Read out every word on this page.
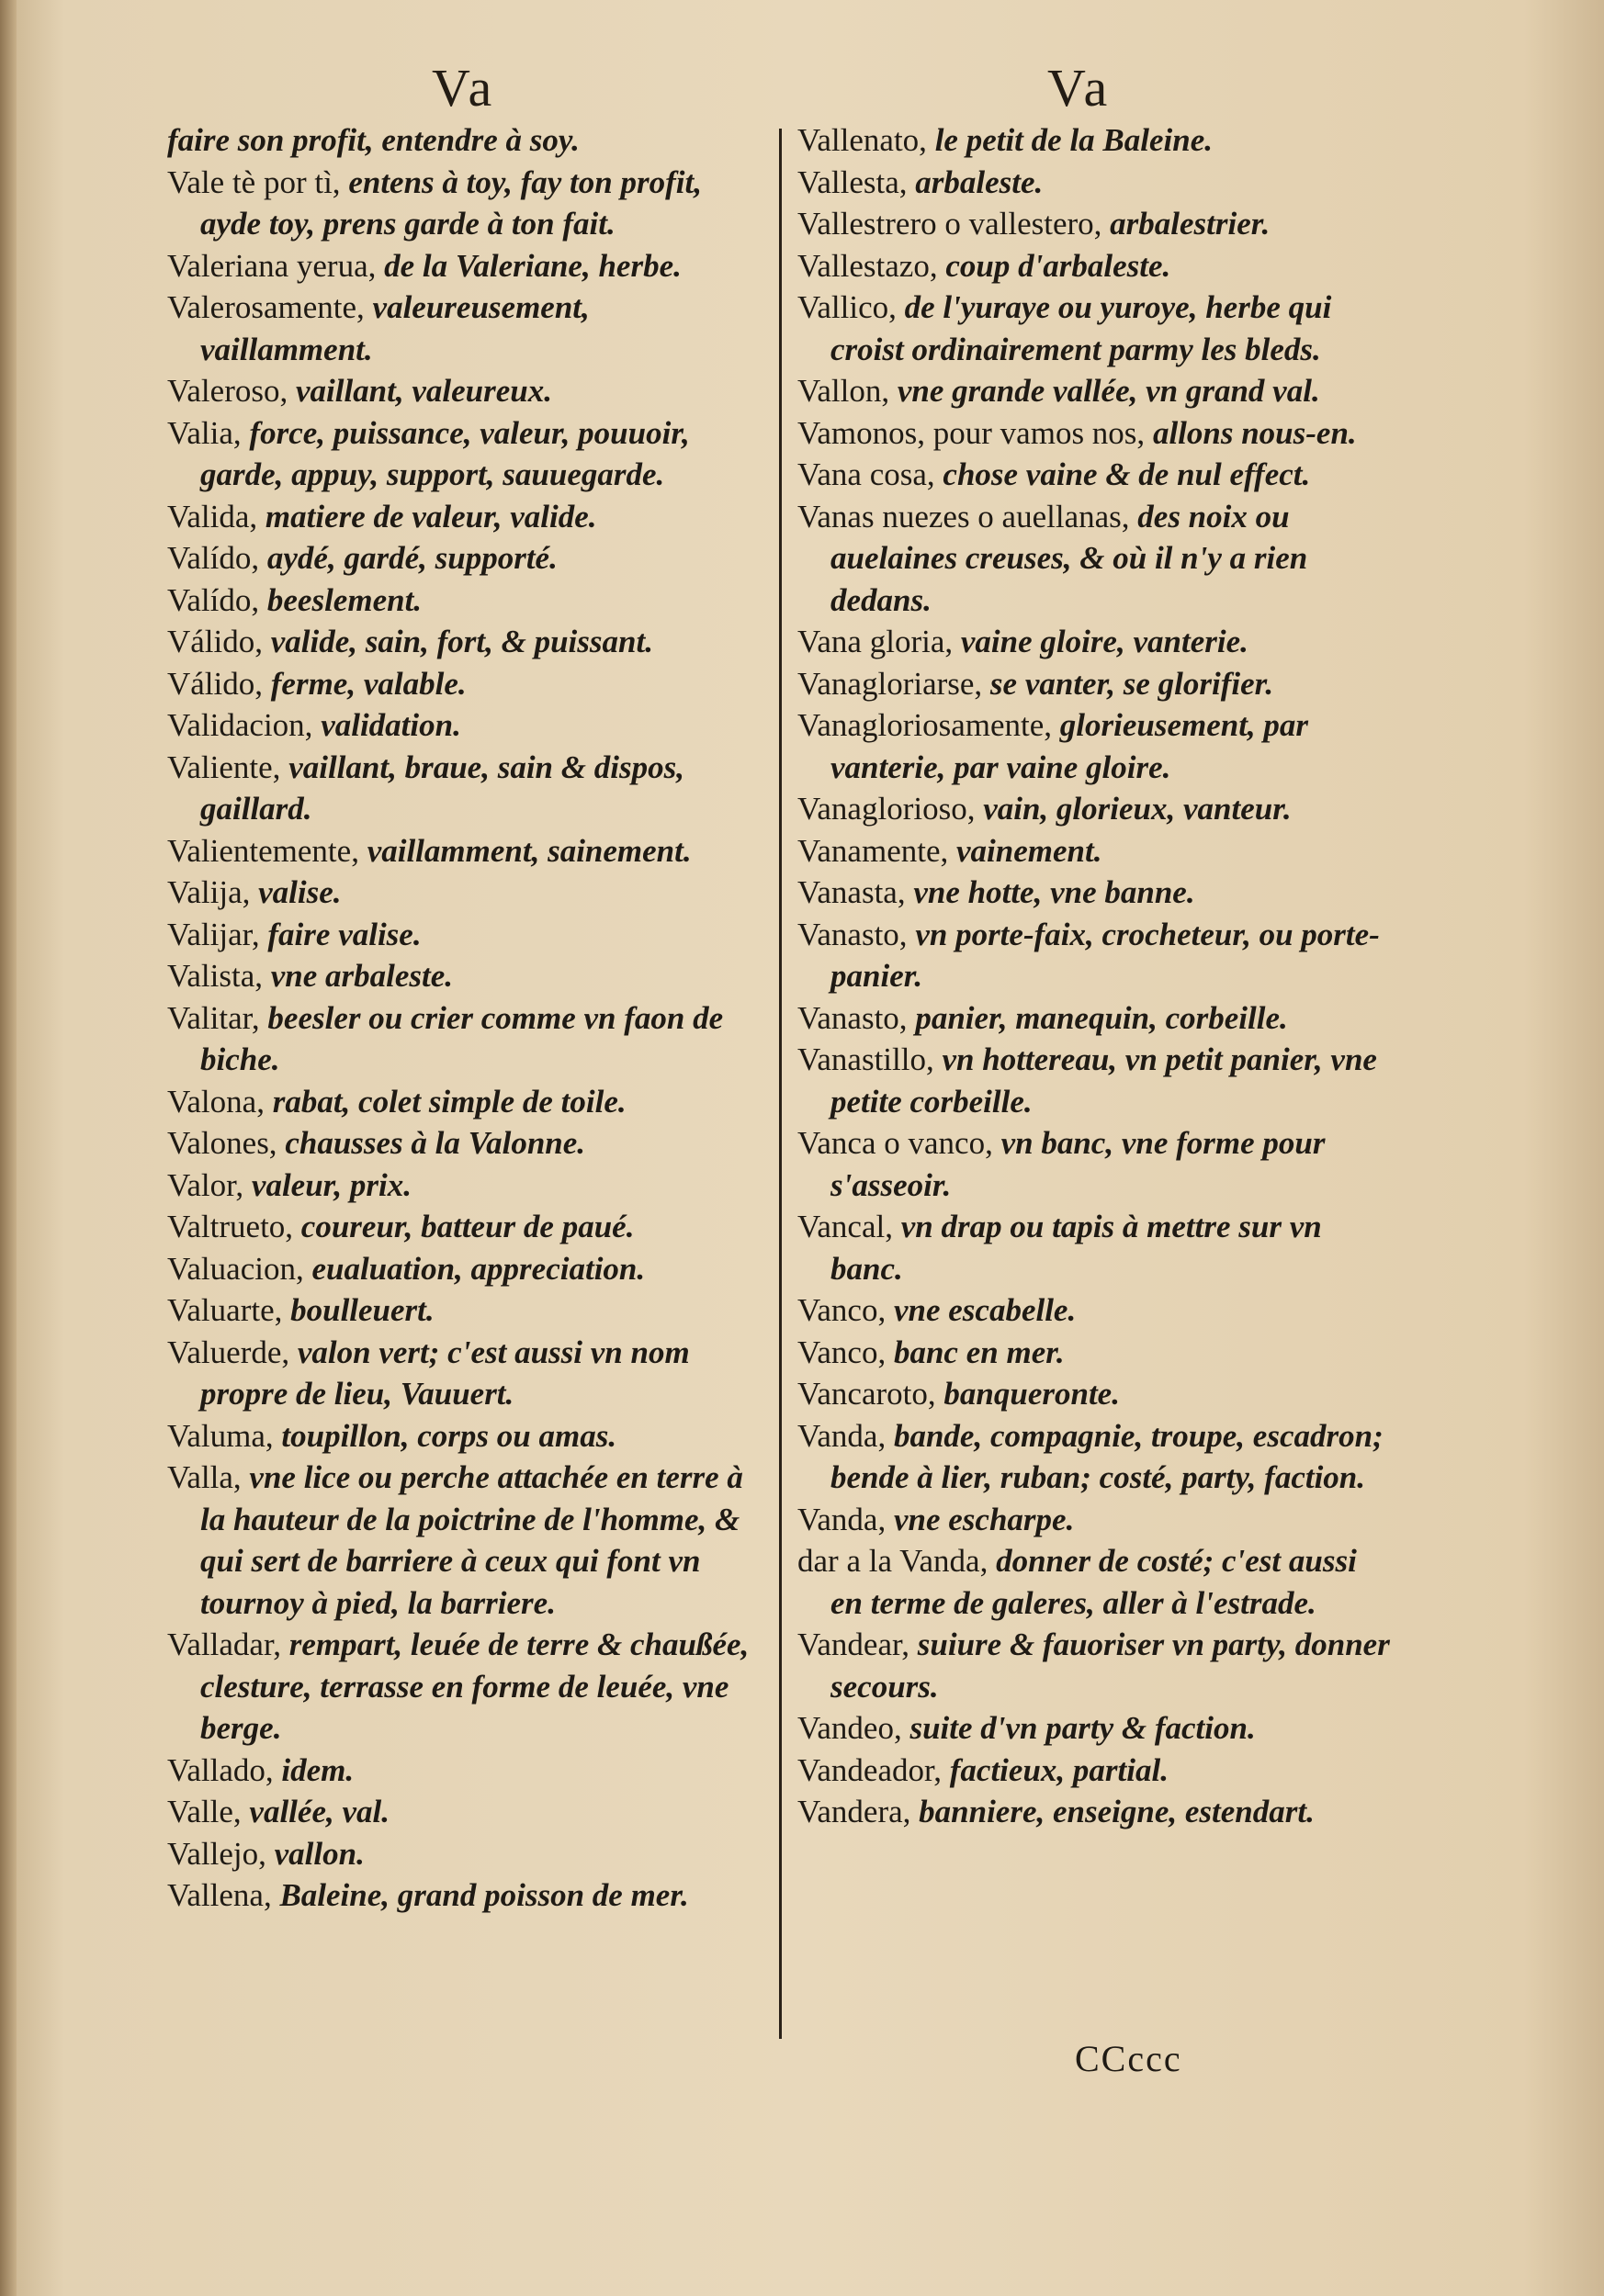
Va	Va

faire son profit, entendre à soy.

Vale tè por tì, entens à toy, fay ton profit, ayde toy, prens garde à ton fait.

Valeriana yerua, de la Valeriane, herbe.

Valerosamente, valeureusement, vaillamment.

Valeroso, vaillant, valeureux.

Valia, force, puissance, valeur, pouuoir, garde, appuy, support, sauuegarde.

Valida, matiere de valeur, valide.

Valído, aydé, gardé, supporté.

Valído, beeslement.

Válido, valide, sain, fort, & puissant.

Válido, ferme, valable.

Validacion, validation.

Valiente, vaillant, braue, sain & dispos, gaillard.

Valientemente, vaillamment, sainement.

Valija, valise.

Valijar, faire valise.

Valista, vne arbaleste.

Valitar, beesler ou crier comme vn faon de biche.

Valona, rabat, colet simple de toile.

Valones, chausses à la Valonne.

Valor, valeur, prix.

Valtrueto, coureur, batteur de paué.

Valuacion, eualuation, appreciation.

Valuarte, boulleuert.

Valuerde, valon vert; c'est aussi vn nom propre de lieu, Vauuert.

Valuma, toupillon, corps ou amas.

Valla, vne lice ou perche attachée en terre à la hauteur de la poictrine de l'homme, & qui sert de barriere à ceux qui font vn tournoy à pied, la barriere.

Valladar, rempart, leuée de terre & chaußée, clesture, terrasse en forme de leuée, vne berge.

Vallado, idem.

Valle, vallée, val.

Vallejo, vallon.

Vallena, Baleine, grand poisson de mer.

Vallenato, le petit de la Baleine.

Vallesta, arbaleste.

Vallestrero o vallestero, arbalestrier.

Vallestazo, coup d'arbaleste.

Vallico, de l'yuraye ou yuroye, herbe qui croist ordinairement parmy les bleds.

Vallon, vne grande vallée, vn grand val.

Vamonos, pour vamos nos, allons nous-en.

Vana cosa, chose vaine & de nul effect.

Vanas nuezes o auellanas, des noix ou auelaines creuses, & où il n'y a rien dedans.

Vana gloria, vaine gloire, vanterie.

Vanagloriarse, se vanter, se glorifier.

Vanagloriosamente, glorieusement, par vanterie, par vaine gloire.

Vanaglorioso, vain, glorieux, vanteur.

Vanamente, vainement.

Vanasta, vne hotte, vne banne.

Vanasto, vn porte-faix, crocheteur, ou porte-panier.

Vanasto, panier, manequin, corbeille.

Vanastillo, vn hottereau, vn petit panier, vne petite corbeille.

Vanca o vanco, vn banc, vne forme pour s'asseoir.

Vancal, vn drap ou tapis à mettre sur vn banc.

Vanco, vne escabelle.

Vanco, banc en mer.

Vancaroto, banqueronte.

Vanda, bande, compagnie, troupe, escadron; bende à lier, ruban; costé, party, faction.

Vanda, vne escharpe.

dar a la Vanda, donner de costé; c'est aussi en terme de galeres, aller à l'estrade.

Vandear, suiure & fauoriser vn party, donner secours.

Vandeo, suite d'vn party & faction.

Vandeador, factieux, partial.

Vandera, banniere, enseigne, estendart.

CCccc
